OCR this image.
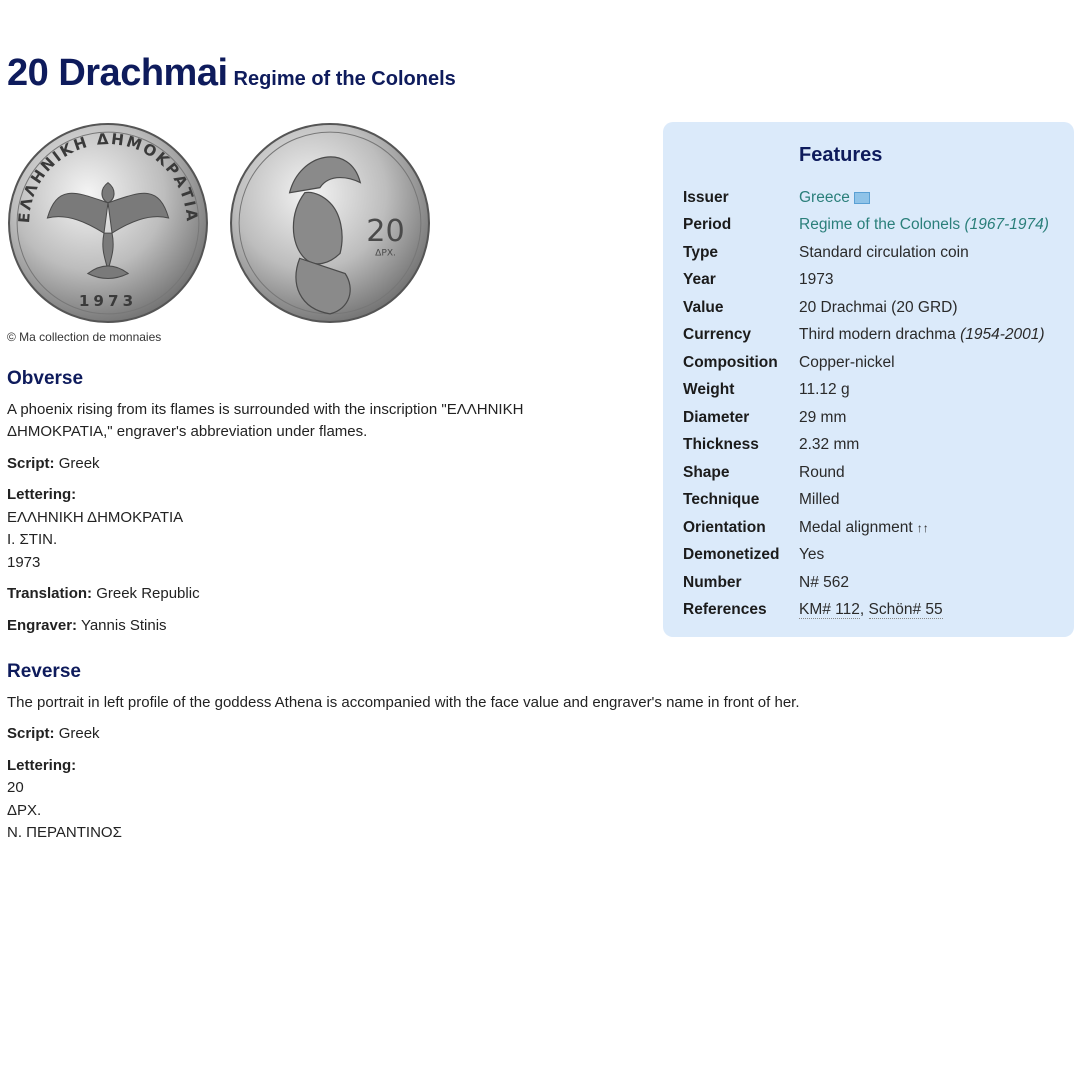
20 Drachmai Regime of the Colonels
ΕΛΛΗΝΙΚΗ ΔΗΜΟΚΡΑΤΙΑ
1973
20
ΔΡΧ.
© Ma collection de monnaies
Obverse

A phoenix rising from its flames is surrounded with the inscription "ΕΛΛΗΝΙΚΗ ΔΗΜΟΚΡΑΤΙΑ," engraver's abbreviation under flames.

Script: Greek

Lettering:
ΕΛΛΗΝΙΚΗ ΔΗΜΟΚΡΑΤΙΑ
Ι. ΣΤΙΝ.
1973

Translation: Greek Republic

Engraver: Yannis Stinis

Reverse

The portrait in left profile of the goddess Athena is accompanied with the face value and engraver's name in front of her.

Script: Greek

Lettering:
20
ΔΡΧ.
Ν. ΠΕΡΑΝΤΙΝΟΣ

Features
Issuer	Greece
Period	Regime of the Colonels (1967-1974)
Type	Standard circulation coin
Year	1973
Value	20 Drachmai (20 GRD)
Currency	Third modern drachma (1954-2001)
Composition	Copper-nickel
Weight	11.12 g
Diameter	29 mm
Thickness	2.32 mm
Shape	Round
Technique	Milled
Orientation	Medal alignment ↑↑
Demonetized	Yes
Number	N# 562
References	KM# 112, Schön# 55
